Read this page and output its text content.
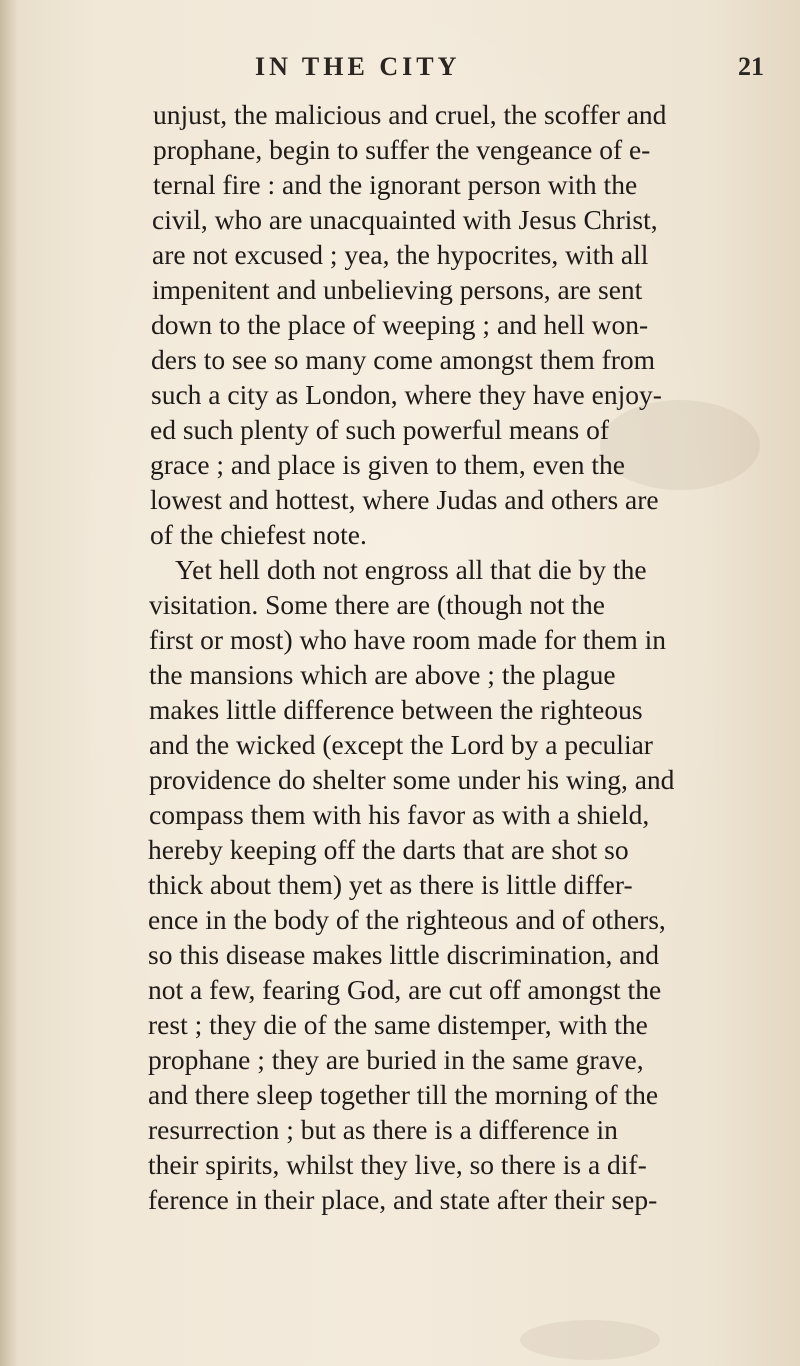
IN THE CITY	21
unjust, the malicious and cruel, the scoffer and
prophane, begin to suffer the vengeance of e-
ternal fire : and the ignorant person with the
civil, who are unacquainted with Jesus Christ,
are not excused ; yea, the hypocrites, with all
impenitent and unbelieving persons, are sent
down to the place of weeping ; and hell won-
ders to see so many come amongst them from
such a city as London, where they have enjoy-
ed such plenty of such powerful means of
grace ; and place is given to them, even the
lowest and hottest, where Judas and others are
of the chiefest note.
Yet hell doth not engross all that die by the
visitation. Some there are (though not the
first or most) who have room made for them in
the mansions which are above ; the plague
makes little difference between the righteous
and the wicked (except the Lord by a peculiar
providence do shelter some under his wing, and
compass them with his favor as with a shield,
hereby keeping off the darts that are shot so
thick about them) yet as there is little differ-
ence in the body of the righteous and of others,
so this disease makes little discrimination, and
not a few, fearing God, are cut off amongst the
rest ; they die of the same distemper, with the
prophane ; they are buried in the same grave,
and there sleep together till the morning of the
resurrection ; but as there is a difference in
their spirits, whilst they live, so there is a dif-
ference in their place, and state after their sep-
